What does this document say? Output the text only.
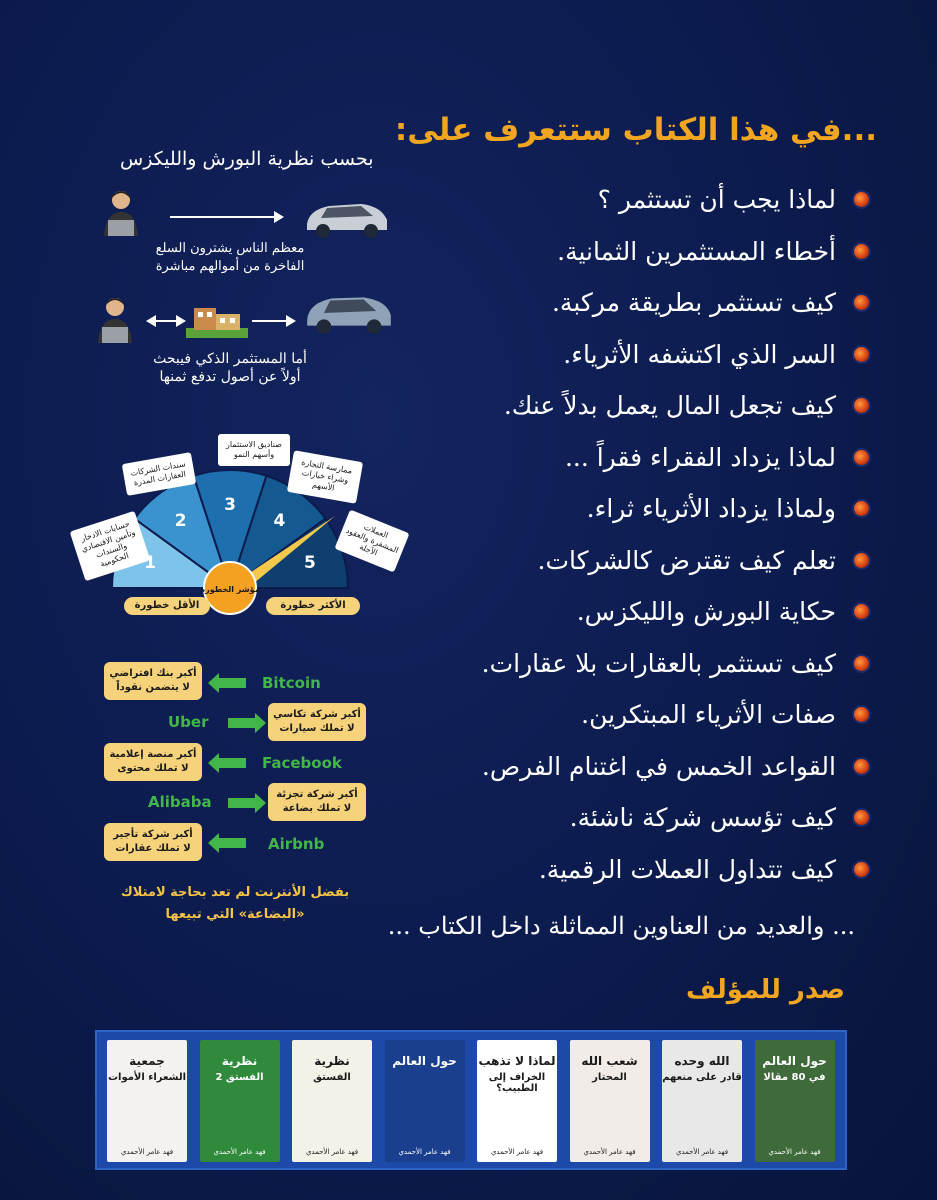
...في هذا الكتاب ستتعرف على:
لماذا يجب أن تستثمر ؟
أخطاء المستثمرين الثمانية.
كيف تستثمر بطريقة مركبة.
السر الذي اكتشفه الأثرياء.
كيف تجعل المال يعمل بدلاً عنك.
لماذا يزداد الفقراء فقراً ...
ولماذا يزداد الأثرياء ثراء.
تعلم كيف تقترض كالشركات.
حكاية البورش والليكزس.
كيف تستثمر بالعقارات بلا عقارات.
صفات الأثرياء المبتكرين.
القواعد الخمس في اغتنام الفرص.
كيف تؤسس شركة ناشئة.
كيف تتداول العملات الرقمية.
... والعديد من العناوين المماثلة داخل الكتاب ...
بحسب نظرية البورش والليكزس
معظم الناس يشترون السلع
الفاخرة من أموالهم مباشرة
أما المستثمر الذكي فيبحث
أولاً عن أصول تدفع ثمنها
1
2
3
4
5
مؤشر الخطورة
حسابات الادخار وتأمين الاقتصادي والسندات الحكومية
سندات الشركات العقارات المدرة
صناديق الاستثمار وأسهم النمو
ممارسة التجارة وشراء خيارات الأسهم
العملات المشفرة والعقود الآجلة
الأقل خطورة	الأكثر خطورة
أكبر بنك افتراضي
لا يتضمن نقوداً	Bitcoin
أكبر شركة تكاسي
لا تملك سيارات
Uber
أكبر منصة إعلامية
لا تملك محتوى	Facebook
أكبر شركة تجزئة
لا تملك بضاعة
Alibaba
أكبر شركة تأجير
لا تملك عقارات	Airbnb
بفضل الأنترنت لم تعد بحاجة لامتلاك
«البضاعة» التي تبيعها
صدر للمؤلف
حول العالم
في 80 مقالا
فهد عامر الأحمدي
الله وحده
قادر على منعهم
فهد عامر الأحمدي
شعب الله
المحتار
فهد عامر الأحمدي
لماذا لا تذهب
الخراف إلى الطبيب؟
فهد عامر الأحمدي
حول العالم
فهد عامر الأحمدي
نظرية
الفستق
فهد عامر الأحمدي
نظرية
الفستق 2
فهد عامر الأحمدي
جمعية
الشعراء الأموات
فهد عامر الأحمدي
